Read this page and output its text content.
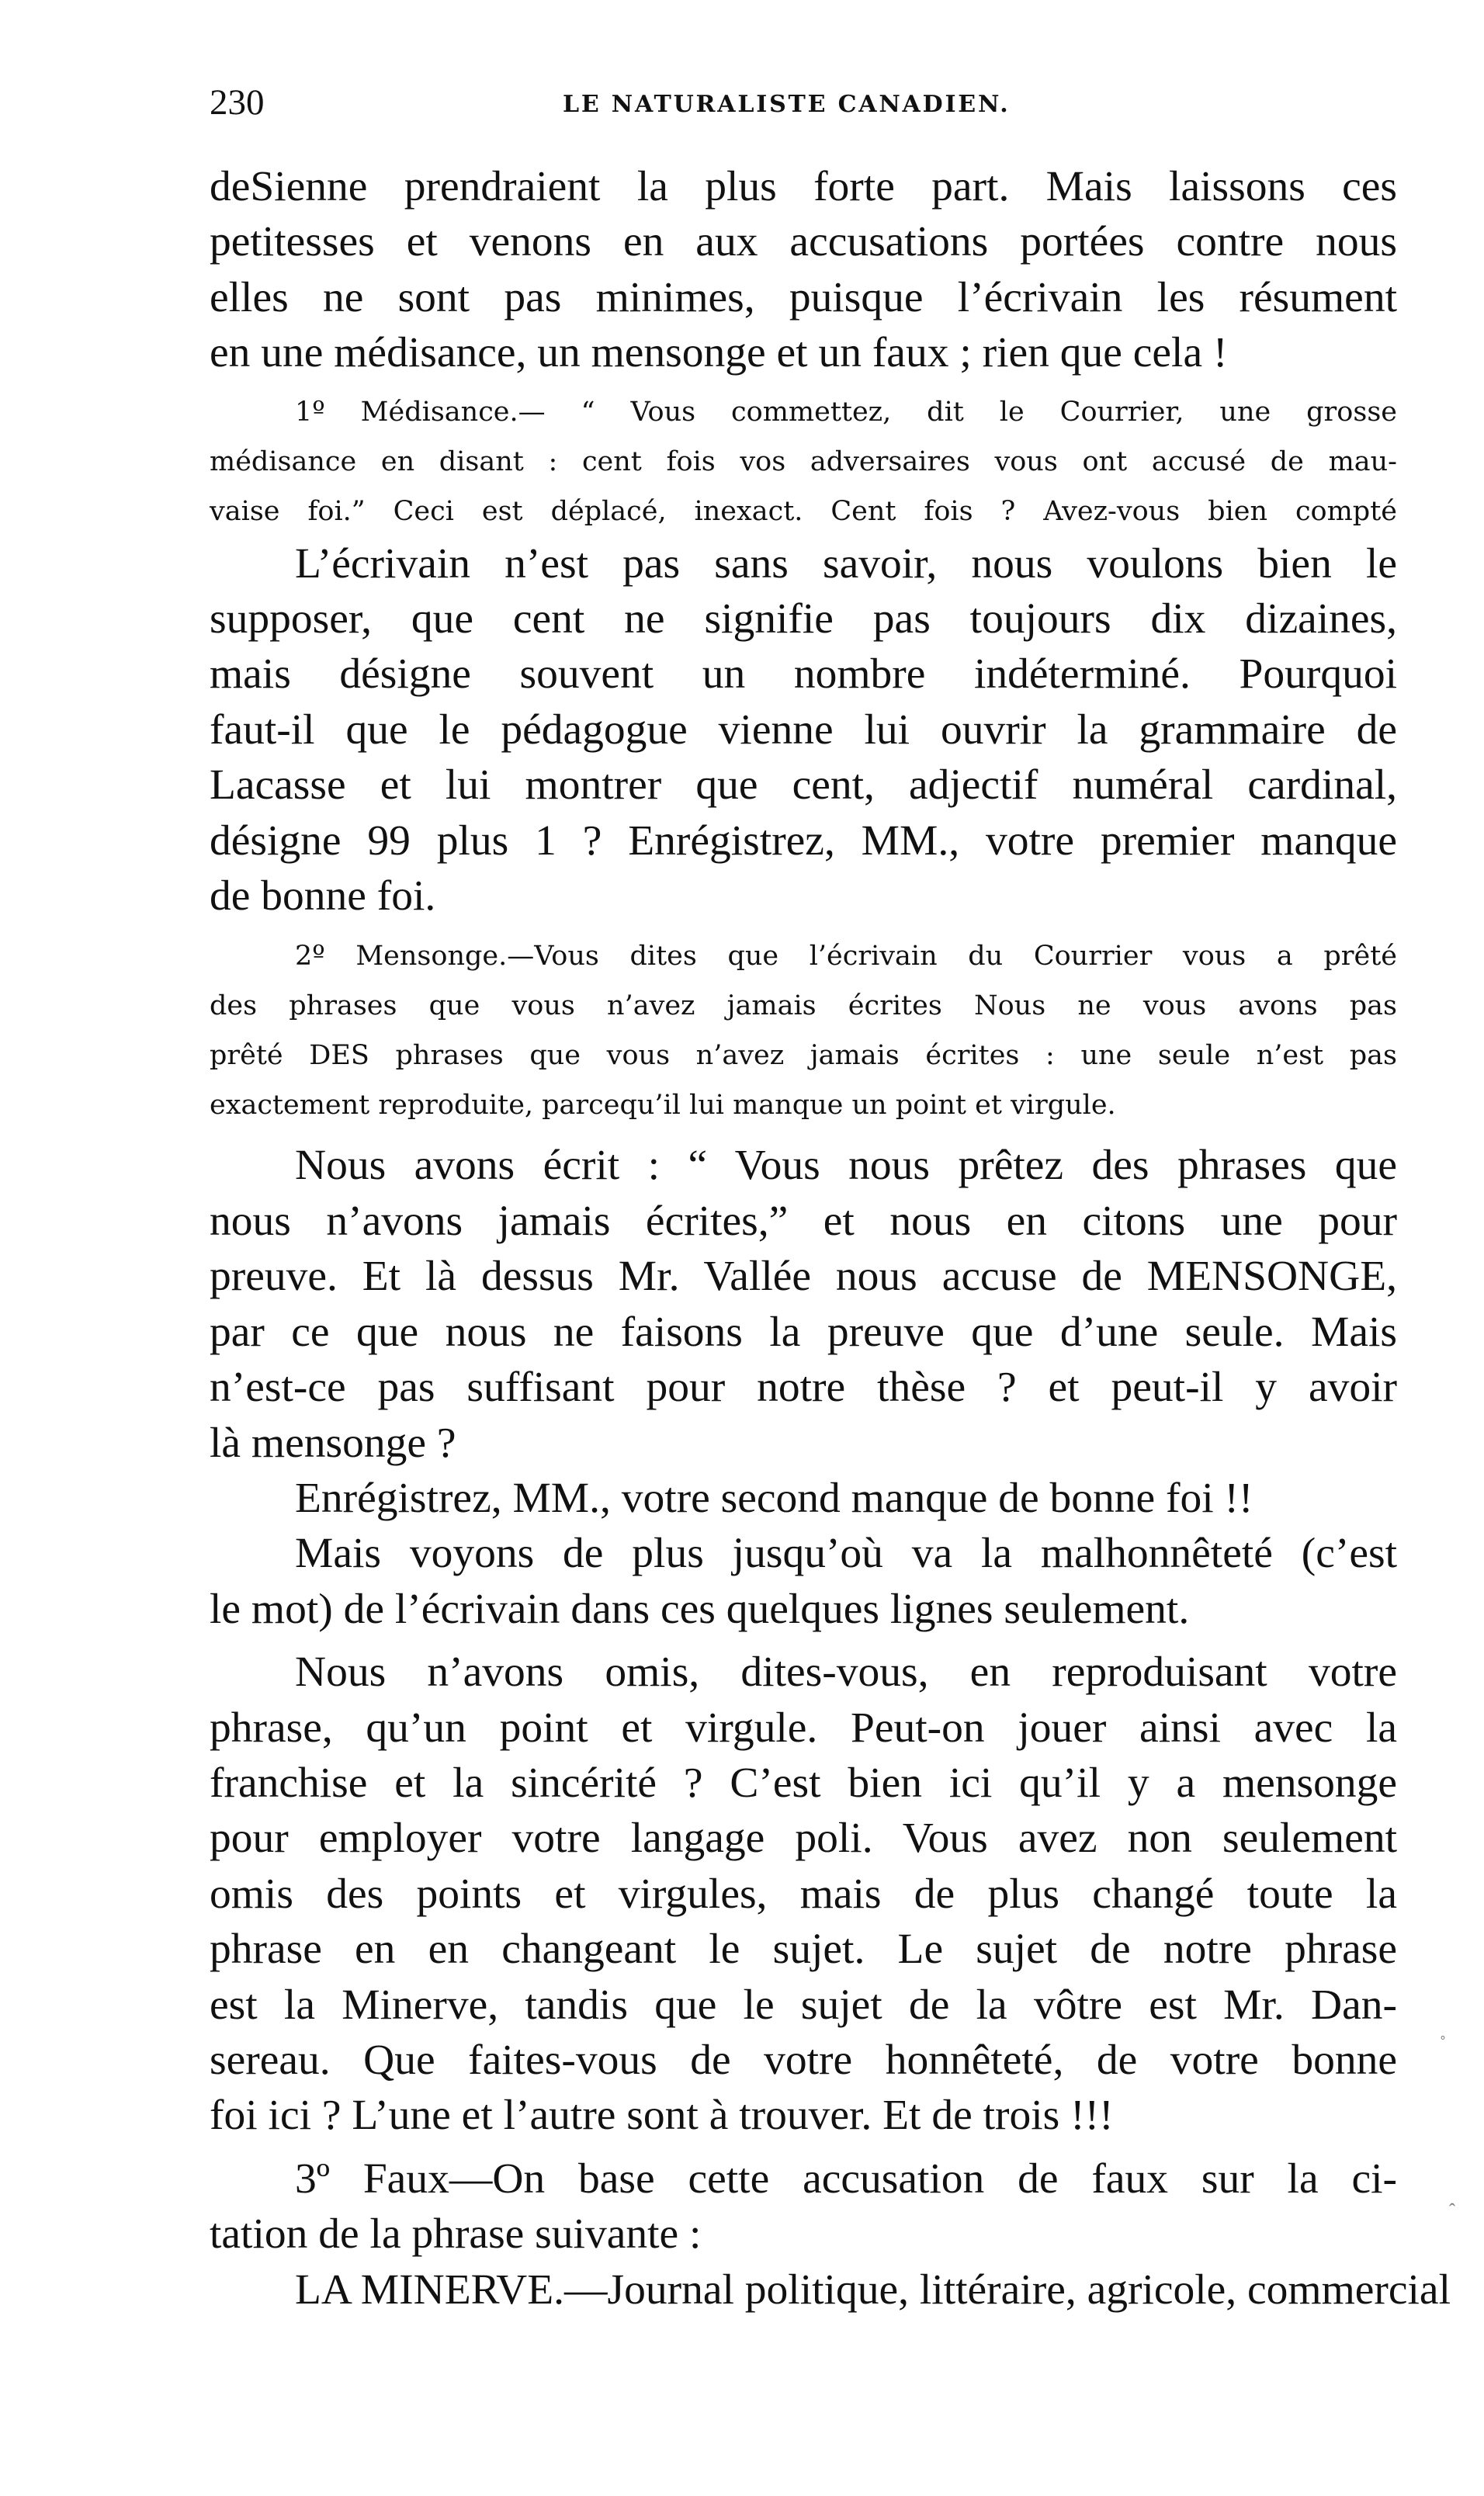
230	LE NATURALISTE CANADIEN.
deSienne prendraient la plus forte part. Mais laissons ces
petitesses et venons en aux accusations portées contre nous
elles ne sont pas minimes, puisque l’écrivain les résument
en une médisance, un mensonge et un faux ; rien que cela !
1º Médisance.— “ Vous commettez, dit le Courrier, une grosse
médisance en disant : cent fois vos adversaires vous ont accusé de mau-
vaise foi.” Ceci est déplacé, inexact. Cent fois ? Avez-vous bien compté
L’écrivain n’est pas sans savoir, nous voulons bien le
supposer, que cent ne signifie pas toujours dix dizaines,
mais désigne souvent un nombre indéterminé. Pourquoi
faut-il que le pédagogue vienne lui ouvrir la grammaire de
Lacasse et lui montrer que cent, adjectif numéral cardinal,
désigne 99 plus 1 ? Enrégistrez, MM., votre premier manque
de bonne foi.
2º Mensonge.—Vous dites que l’écrivain du Courrier vous a prêté
des phrases que vous n’avez jamais écrites Nous ne vous avons pas
prêté DES phrases que vous n’avez jamais écrites : une seule n’est pas
exactement reproduite, parcequ’il lui manque un point et virgule.
Nous avons écrit : “ Vous nous prêtez des phrases que
nous n’avons jamais écrites,” et nous en citons une pour
preuve. Et là dessus Mr. Vallée nous accuse de MENSONGE,
par ce que nous ne faisons la preuve que d’une seule. Mais
n’est-ce pas suffisant pour notre thèse ? et peut-il y avoir
là mensonge ?
Enrégistrez, MM., votre second manque de bonne foi !!
Mais voyons de plus jusqu’où va la malhonnêteté (c’est
le mot) de l’écrivain dans ces quelques lignes seulement.
Nous n’avons omis, dites-vous, en reproduisant votre
phrase, qu’un point et virgule. Peut-on jouer ainsi avec la
franchise et la sincérité ? C’est bien ici qu’il y a mensonge
pour employer votre langage poli. Vous avez non seulement
omis des points et virgules, mais de plus changé toute la
phrase en en changeant le sujet. Le sujet de notre phrase
est la Minerve, tandis que le sujet de la vôtre est Mr. Dan-
sereau. Que faites-vous de votre honnêteté, de votre bonne
foi ici ? L’une et l’autre sont à trouver. Et de trois !!!
3º Faux—On base cette accusation de faux sur la ci-
tation de la phrase suivante :
LA MINERVE.—Journal politique, littéraire, agricole, commercial
˚
ˆ
